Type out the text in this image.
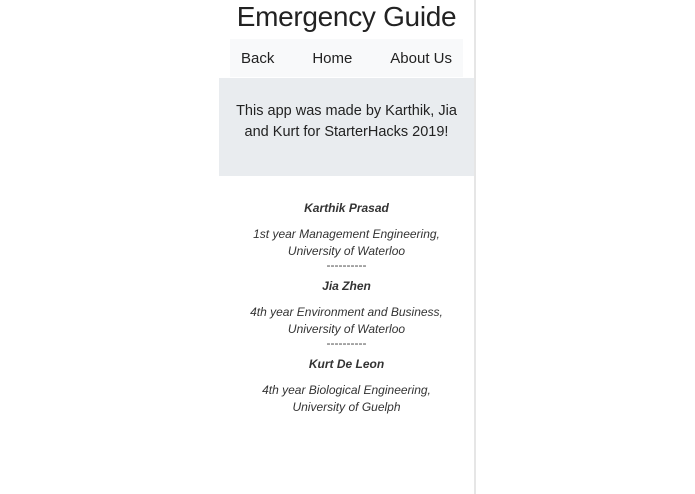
Emergency Guide
Back	Home	About Us

This app was made by Karthik, Jia and Kurt for StarterHacks 2019!

Karthik Prasad

1st year Management Engineering,
University of Waterloo

----------

Jia Zhen

4th year Environment and Business,
University of Waterloo

----------

Kurt De Leon

4th year Biological Engineering,
University of Guelph
